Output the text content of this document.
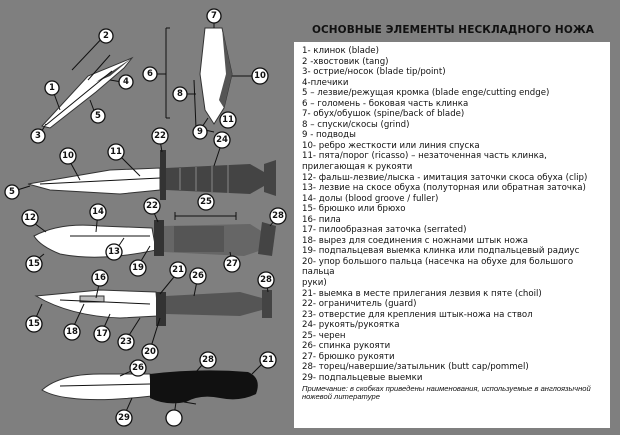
1
2
3
4
5
6
7
8
9
10
11
22	24
10	11
5
12
14
22	25
28
15
13
19	27
16
21
26	28
15
18 17
23
20
26
28	21
29
ОСНОВНЫЕ ЭЛЕМЕНТЫ НЕСКЛАДНОГО НОЖА
1- клинок (blade)
2 -хвостовик (tang)
3- острие/носок (blade tip/point)
4-плечики
5 – лезвие/режущая кромка (blade enge/cutting endge)
6 – голомень - боковая часть клинка
7- обух/обушок (spine/back of blade)
8 – спуски/скосы (grind)
9 - подводы
10- ребро жесткости или линия спуска
11- пята/порог (ricasso) – незаточенная часть клинка,
прилегающая к рукояти
12- фальш-лезвие/лыска - имитация заточки скоса обуха (clip)
13- лезвие на скосе обуха (полуторная или обратная заточка)
14- долы (blood groove / fuller)
15- брюшко или брюхо
16- пила
17- пилообразная заточка (serrated)
18- вырез для соединения с ножнами штык ножа
19- подпальцевая выемка клинка или подпальцевый радиус
20- упор большого пальца (насечка на обухе для большого пальца
руки)
21- выемка в месте прилегания лезвия к пяте (choil)
22- ограничитель (guard)
23- отверстие для крепления штык-ножа на ствол
24- рукоять/рукоятка
25- черен
26- спинка рукояти
27- брюшко рукояти
28- торец/навершие/затыльник (butt cap/pommel)
29- подпальцевые выемки
Примечание: в скобках приведены наименования, используемые в англоязычной ножевой литературе
